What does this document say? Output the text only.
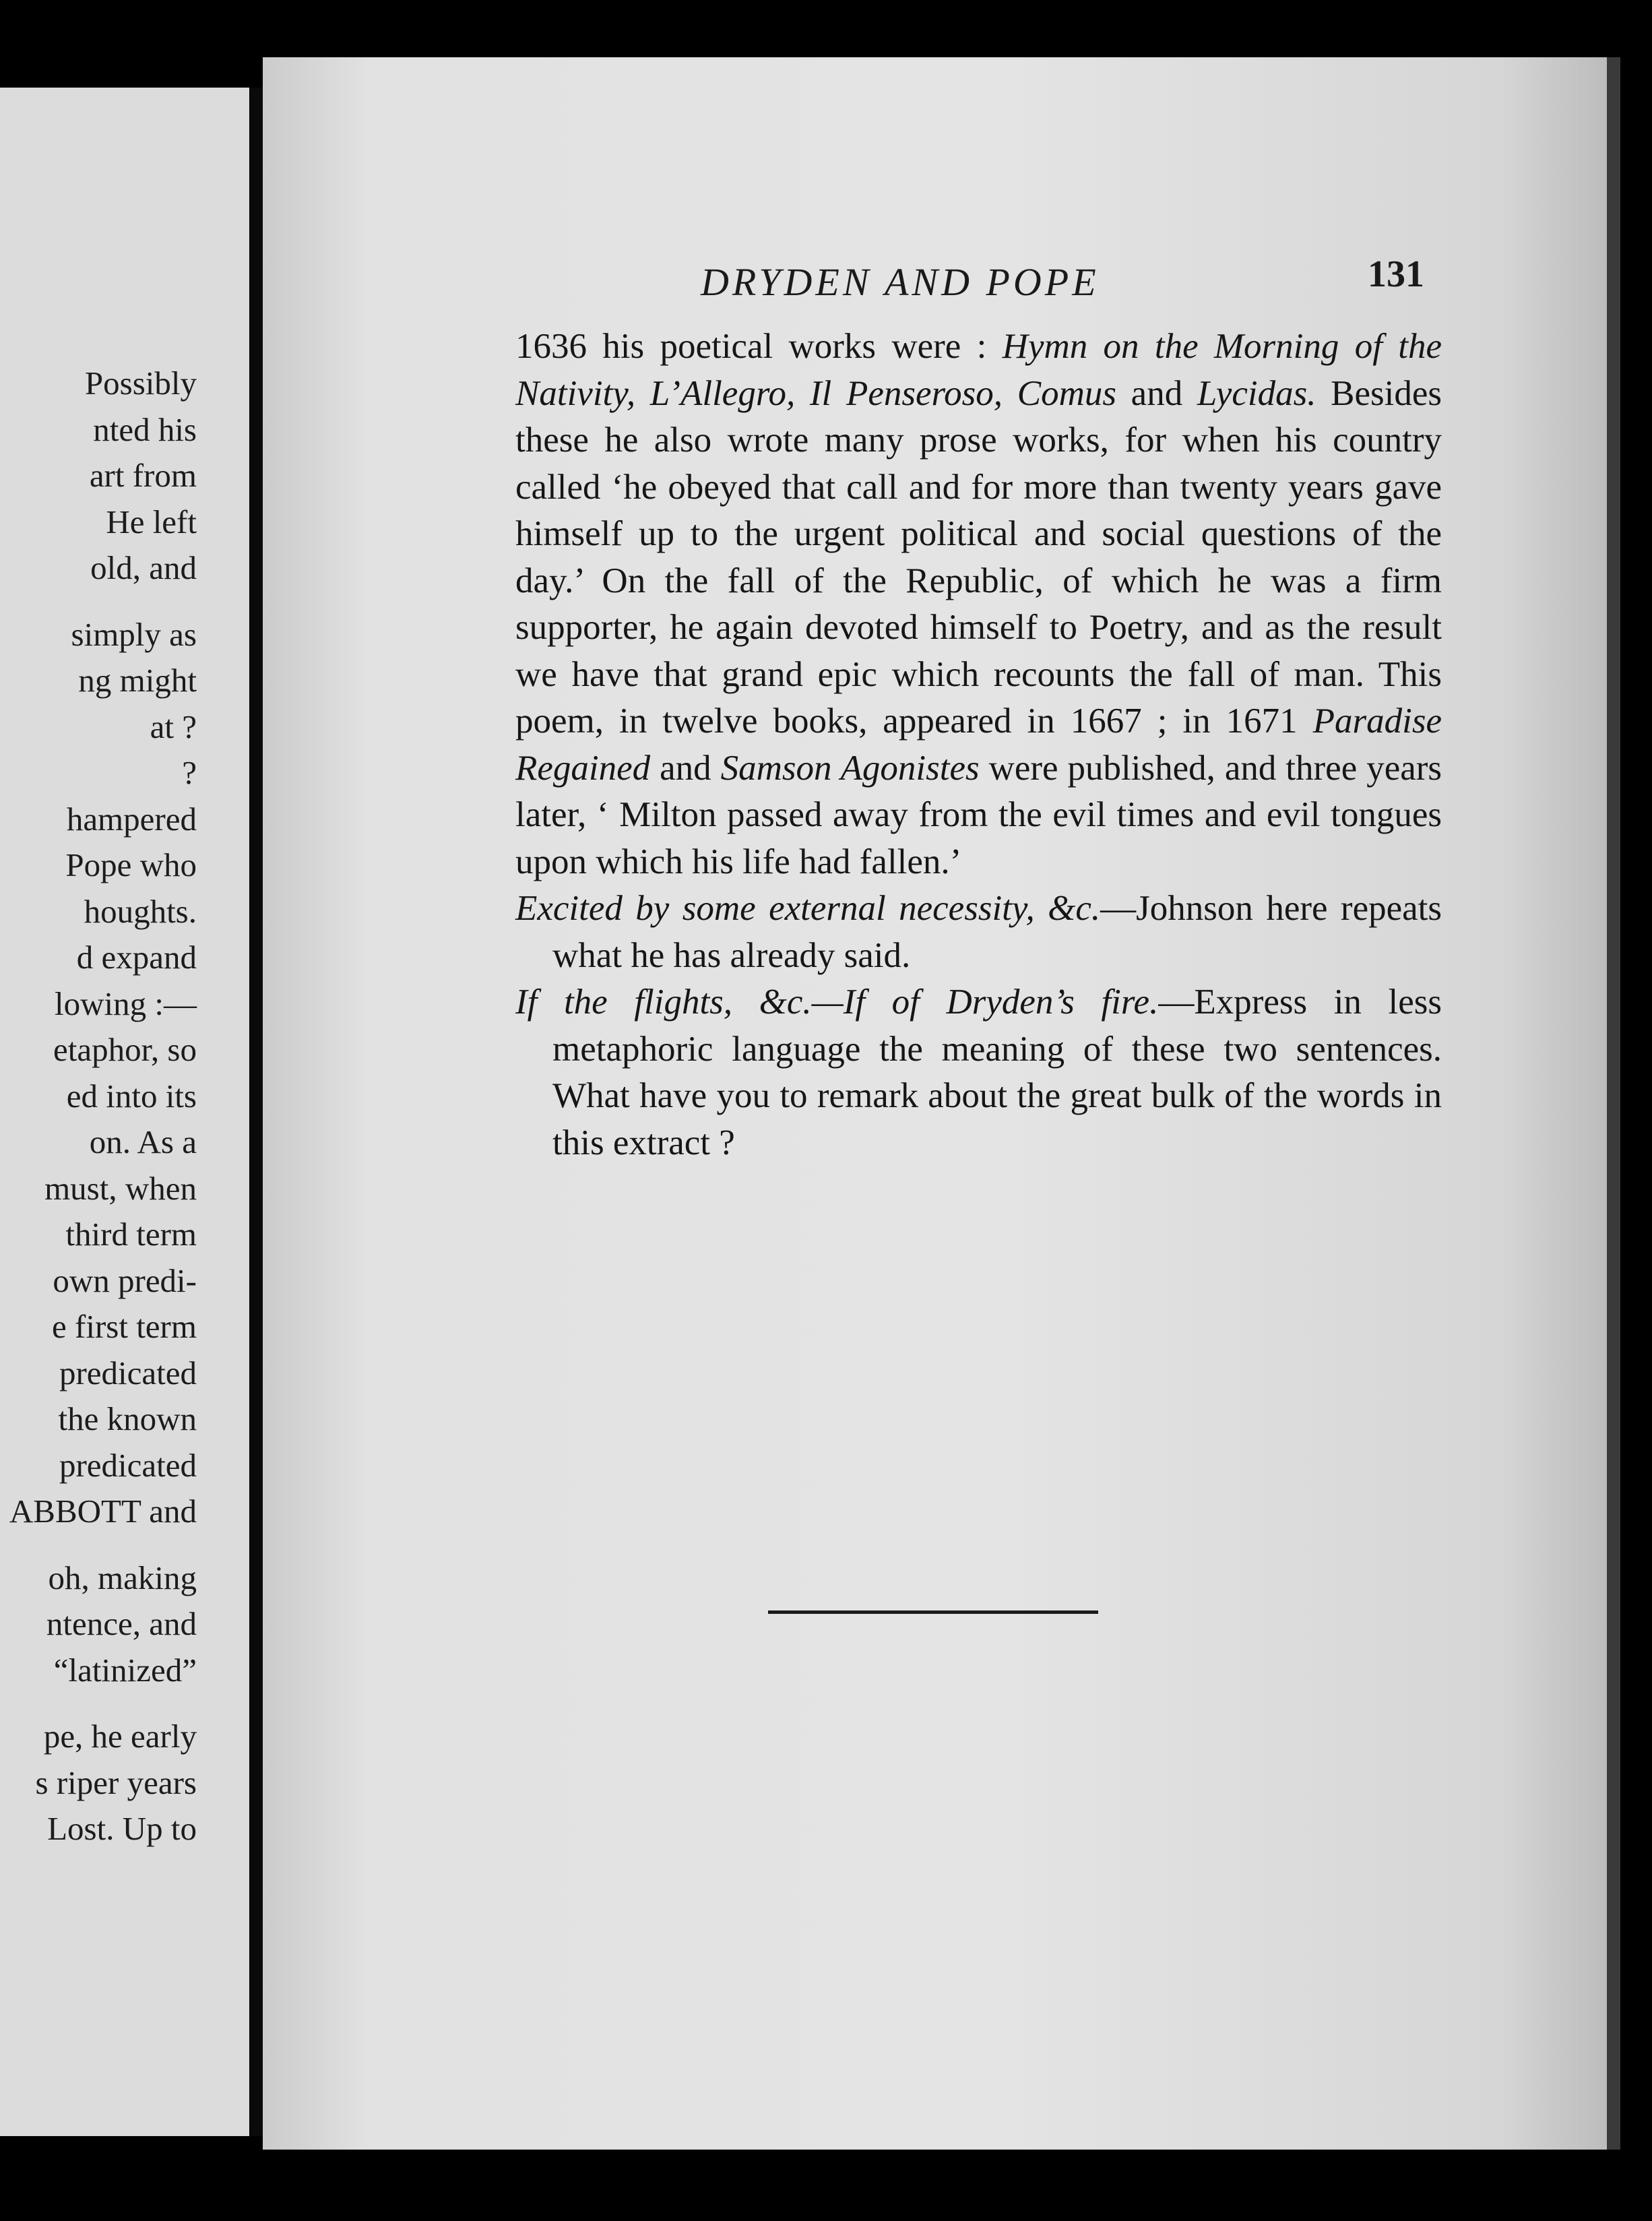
Possibly
nted his
art from
He left
old, and
simply as
ng might
at ?
?
hampered
Pope who
houghts.
d expand
lowing :—
etaphor, so
ed into its
on. As a
must, when
third term
own predi-
e first term
predicated
the known
predicated
ABBOTT and
oh, making
ntence, and
“latinized”
pe, he early
s riper years
Lost. Up to
DRYDEN AND POPE	131

1636 his poetical works were : Hymn on the Morning of the Nativity, L’Allegro, Il Penseroso, Comus and Lycidas. Besides these he also wrote many prose works, for when his country called ‘he obeyed that call and for more than twenty years gave himself up to the urgent political and social questions of the day.’ On the fall of the Republic, of which he was a firm supporter, he again devoted himself to Poetry, and as the result we have that grand epic which recounts the fall of man. This poem, in twelve books, appeared in 1667 ; in 1671 Paradise Regained and Samson Agonistes were published, and three years later, ‘ Milton passed away from the evil times and evil tongues upon which his life had fallen.’

Excited by some external necessity, &c.—Johnson here repeats what he has already said.

If the flights, &c.—If of Dryden’s fire.—Express in less metaphoric language the meaning of these two sentences. What have you to remark about the great bulk of the words in this extract ?
